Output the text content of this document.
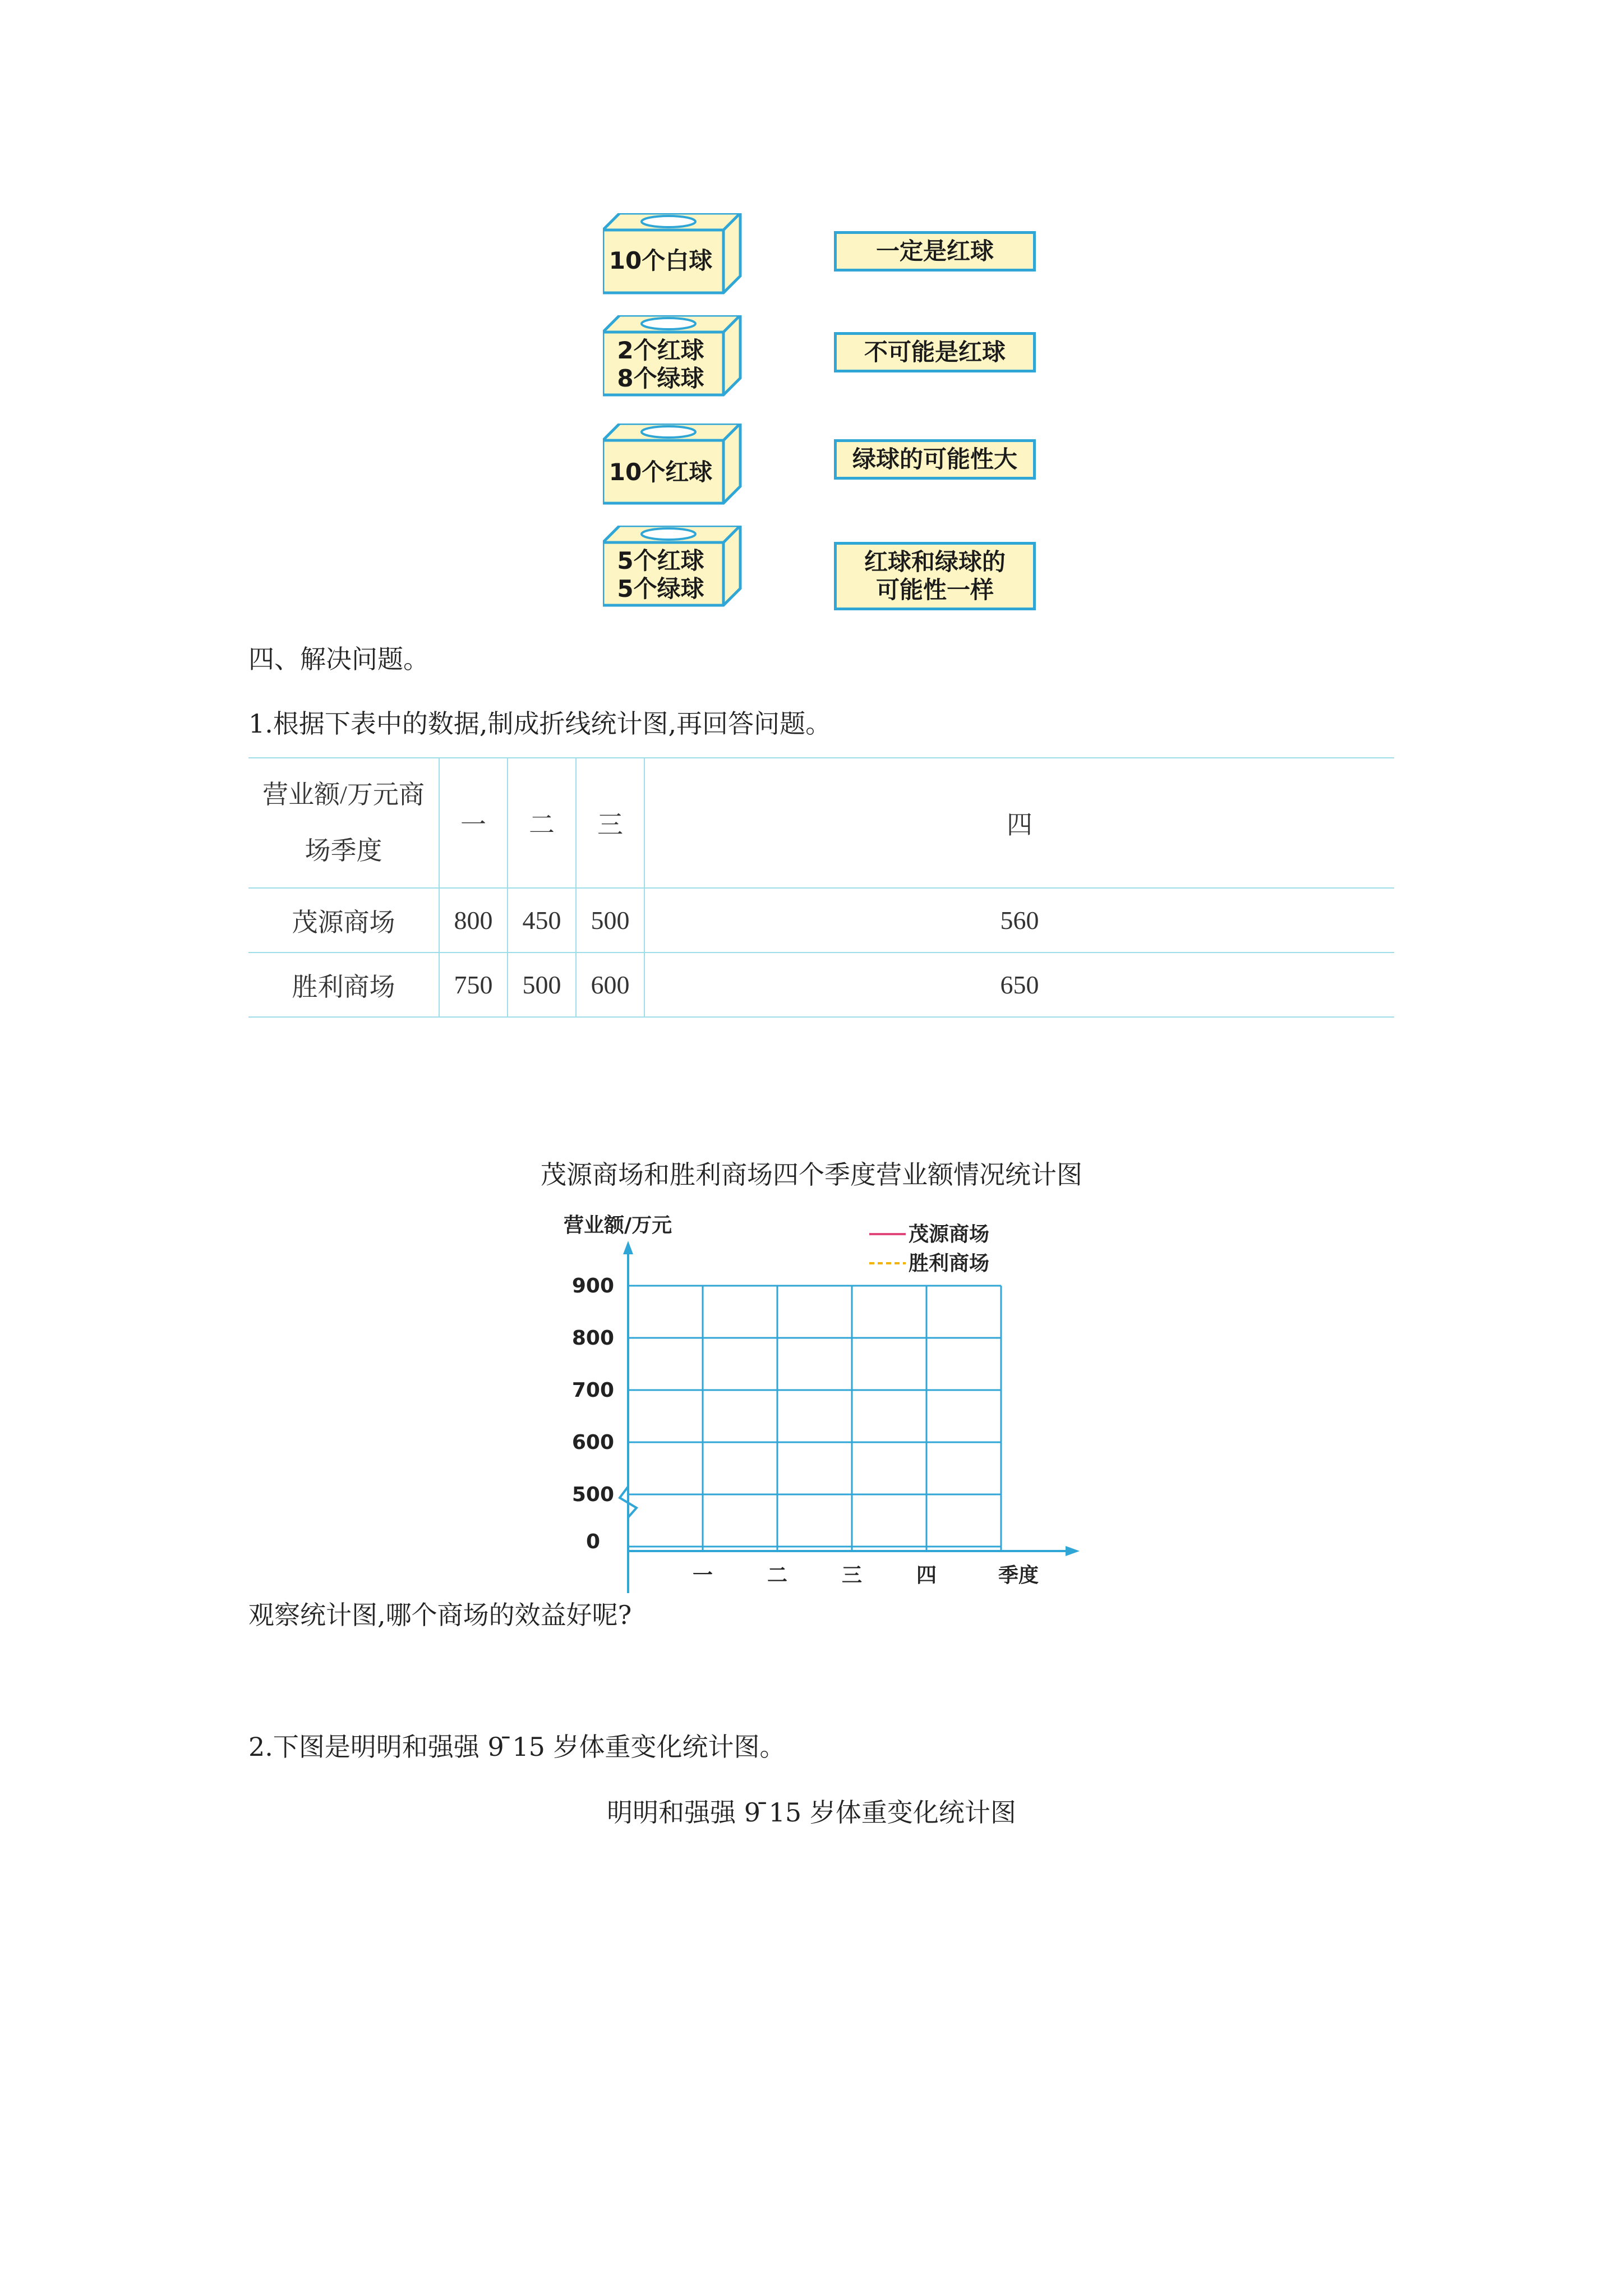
10个白球
2个红球
8个绿球
10个红球
5个红球
5个绿球
一定是红球
不可能是红球
绿球的可能性大
红球和绿球的
可能性一样
四、解决问题。
1.根据下表中的数据,制成折线统计图,再回答问题。
营业额/万元商
场季度	一	二	三	四
茂源商场	800	450	500	560
胜利商场	750	500	600	650
茂源商场和胜利商场四个季度营业额情况统计图
营业额/万元	茂源商场
胜利商场
900
800
700
600
500
0
一	二	三	四	季度
观察统计图,哪个商场的效益好呢?
2.下图是明明和强强 9 ̄15 岁体重变化统计图。
明明和强强 9 ̄15 岁体重变化统计图
